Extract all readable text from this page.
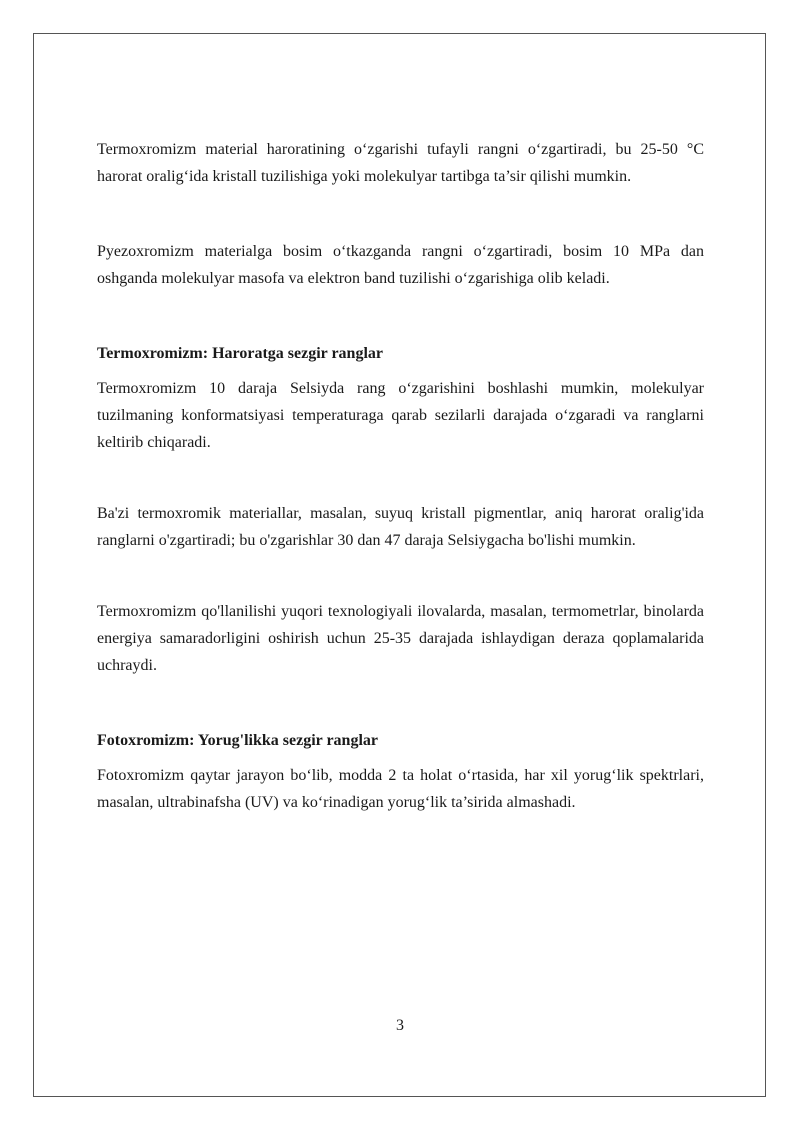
Termoxromizm material haroratining o‘zgarishi tufayli rangni o‘zgartiradi, bu 25-50 °C harorat oralig‘ida kristall tuzilishiga yoki molekulyar tartibga ta’sir qilishi mumkin.

Pyezoxromizm materialga bosim o‘tkazganda rangni o‘zgartiradi, bosim 10 MPa dan oshganda molekulyar masofa va elektron band tuzilishi o‘zgarishiga olib keladi.

Termoxromizm: Haroratga sezgir ranglar

Termoxromizm 10 daraja Selsiyda rang o‘zgarishini boshlashi mumkin, molekulyar tuzilmaning konformatsiyasi temperaturaga qarab sezilarli darajada o‘zgaradi va ranglarni keltirib chiqaradi.

Ba'zi termoxromik materiallar, masalan, suyuq kristall pigmentlar, aniq harorat oralig'ida ranglarni o'zgartiradi; bu o'zgarishlar 30 dan 47 daraja Selsiygacha bo'lishi mumkin.

Termoxromizm qo'llanilishi yuqori texnologiyali ilovalarda, masalan, termometrlar, binolarda energiya samaradorligini oshirish uchun 25-35 darajada ishlaydigan deraza qoplamalarida uchraydi.

Fotoxromizm: Yorug'likka sezgir ranglar

Fotoxromizm qaytar jarayon bo‘lib, modda 2 ta holat o‘rtasida, har xil yorug‘lik spektrlari, masalan, ultrabinafsha (UV) va ko‘rinadigan yorug‘lik ta’sirida almashadi.

3
